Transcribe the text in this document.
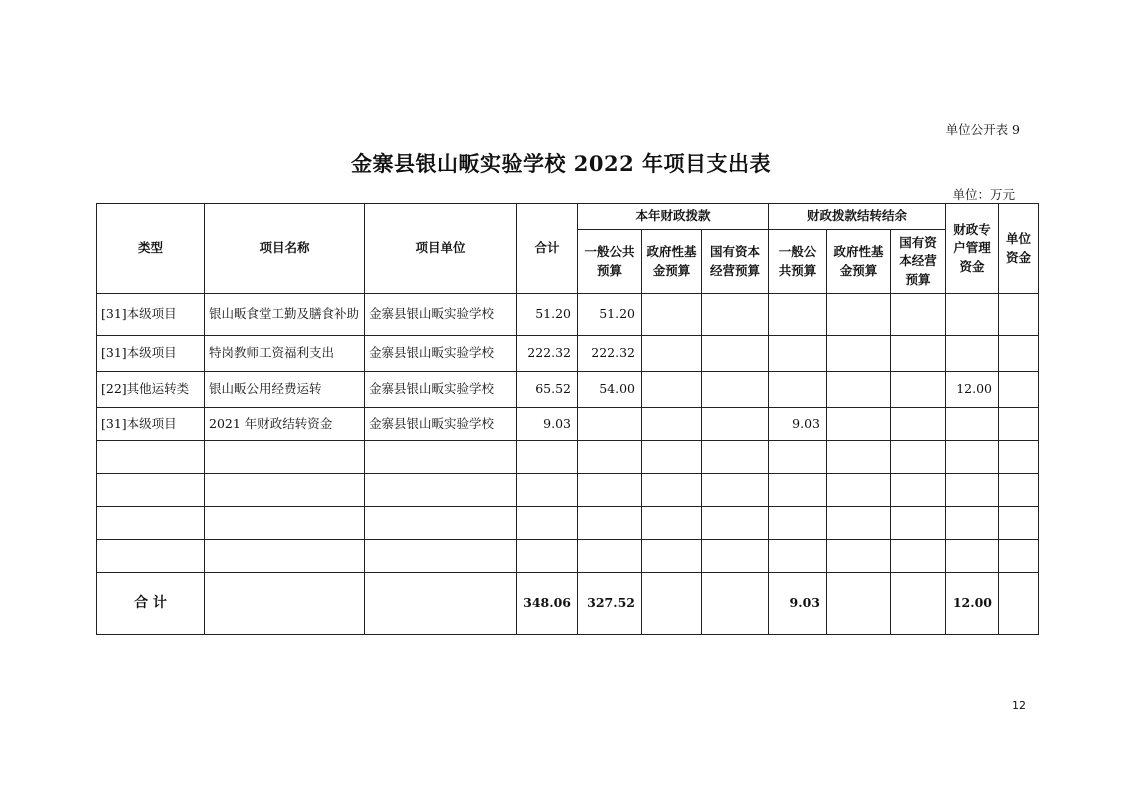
单位公开表 9
金寨县银山畈实验学校 2022 年项目支出表
单位：万元
类型	项目名称	项目单位	合计	本年财政拨款			财政拨款结转结余			财政专户管理资金	单位资金
				一般公共预算	政府性基金预算	国有资本经营预算	一般公共预算	政府性基金预算	国有资本经营预算		
[31]本级项目	银山畈食堂工勤及膳食补助	金寨县银山畈实验学校	51.20	51.20							
[31]本级项目	特岗教师工资福利支出	金寨县银山畈实验学校	222.32	222.32							
[22]其他运转类	银山畈公用经费运转	金寨县银山畈实验学校	65.52	54.00						12.00	
[31]本级项目	2021 年财政结转资金	金寨县银山畈实验学校	9.03				9.03				

合 计			348.06	327.52			9.03			12.00	
12
